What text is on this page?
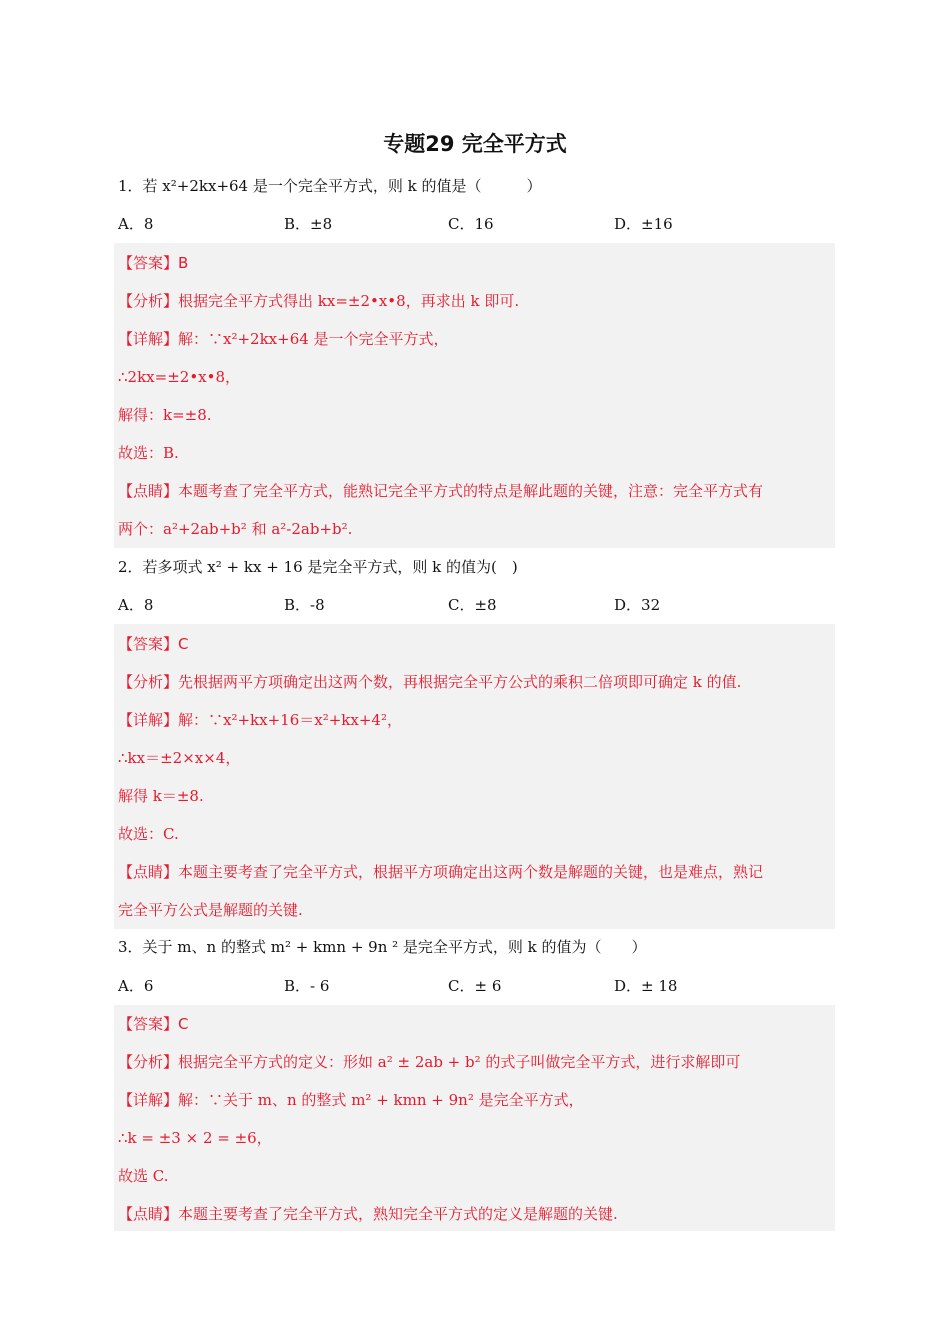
专题29 完全平方式
1．若 x²+2kx+64 是一个完全平方式，则 k 的值是（　　　）
A．8	B．±8	C．16	D．±16
【答案】B
【分析】根据完全平方式得出 kx=±2•x•8，再求出 k 即可.
【详解】解：∵x²+2kx+64 是一个完全平方式，
∴2kx=±2•x•8，
解得：k=±8.
故选：B.
【点睛】本题考查了完全平方式，能熟记完全平方式的特点是解此题的关键，注意：完全平方式有
两个：a²+2ab+b² 和 a²-2ab+b².
2．若多项式 x² + kx + 16 是完全平方式，则 k 的值为(　)
A．8	B．-8	C．±8	D．32
【答案】C
【分析】先根据两平方项确定出这两个数，再根据完全平方公式的乘积二倍项即可确定 k 的值.
【详解】解：∵x²+kx+16＝x²+kx+4²，
∴kx＝±2×x×4，
解得 k＝±8.
故选：C.
【点睛】本题主要考查了完全平方式，根据平方项确定出这两个数是解题的关键，也是难点，熟记
完全平方公式是解题的关键.
3．关于 m、n 的整式 m² + kmn + 9n ² 是完全平方式，则 k 的值为（　　）
A．6	B．- 6	C．± 6	D．± 18
【答案】C
【分析】根据完全平方式的定义：形如 a² ± 2ab + b² 的式子叫做完全平方式，进行求解即可
【详解】解：∵关于 m、n 的整式 m² + kmn + 9n² 是完全平方式，
∴k = ±3 × 2 = ±6，
故选 C.
【点睛】本题主要考查了完全平方式，熟知完全平方式的定义是解题的关键.
